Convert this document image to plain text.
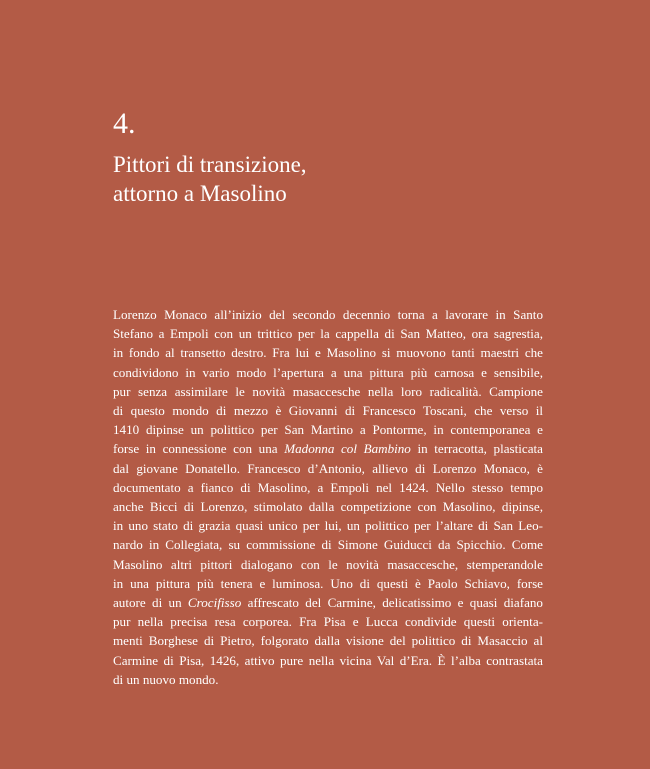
4.
Pittori di transizione,
attorno a Masolino
Lorenzo Monaco all’inizio del secondo decennio torna a lavorare in Santo
Stefano a Empoli con un trittico per la cappella di San Matteo, ora sagrestia,
in fondo al transetto destro. Fra lui e Masolino si muovono tanti maestri che
condividono in vario modo l’apertura a una pittura più carnosa e sensibile,
pur senza assimilare le novità masaccesche nella loro radicalità. Campione
di questo mondo di mezzo è Giovanni di Francesco Toscani, che verso il
1410 dipinse un polittico per San Martino a Pontorme, in contemporanea e
forse in connessione con una Madonna col Bambino in terracotta, plasticata
dal giovane Donatello. Francesco d’Antonio, allievo di Lorenzo Monaco, è
documentato a fianco di Masolino, a Empoli nel 1424. Nello stesso tempo
anche Bicci di Lorenzo, stimolato dalla competizione con Masolino, dipinse,
in uno stato di grazia quasi unico per lui, un polittico per l’altare di San Leo-
nardo in Collegiata, su commissione di Simone Guiducci da Spicchio. Come
Masolino altri pittori dialogano con le novità masaccesche, stemperandole
in una pittura più tenera e luminosa. Uno di questi è Paolo Schiavo, forse
autore di un Crocifisso affrescato del Carmine, delicatissimo e quasi diafano
pur nella precisa resa corporea. Fra Pisa e Lucca condivide questi orienta-
menti Borghese di Pietro, folgorato dalla visione del polittico di Masaccio al
Carmine di Pisa, 1426, attivo pure nella vicina Val d’Era. È l’alba contrastata
di un nuovo mondo.
